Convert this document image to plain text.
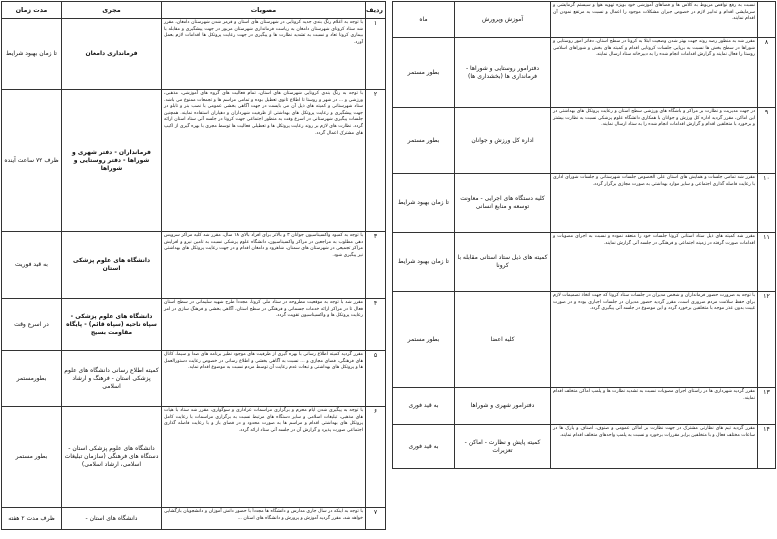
ردیف	مصوبات	مجری	مدت زمان
۱	با توجه به اعلام رنگ بندی جدید کرونایی در شهرستان های استان و قرمز شدن شهرستان دامغان، مقرر شد ستاد کرونای شهرستان دامغان به ریاست فرمانداری شهرستان مزبور در جهت پیشگیری و مقابله با بیماری کرونا تعاد و نسبت به تشدید نظارت ها و پیگیری در جهت رعایت پروتکل ها اقدامات لازم بعمل آورد.	فرمانداری دامغان	تا زمان بهبود شرایط
۲	با توجه به رنگ بندی کرونایی شهرستان های استان، تمام فعالیت های گروه های آموزشی، مذهبی، ورزشی و ... در شهر و روستا تا اطلاع ثانوی تعطیل بوده و تمامی مراسم ها و تجمعات ممنوع می باشد. ستاد شهرستانی و کمیته های ذیل آن می بایست در جهت آگاهی بخشی عمومی با نصب بنر و تابلو در جهت پیشگیری و رعایت پروتکل های بهداشتی از ظرفیت شهرداران و دهیاران استفاده نمایند. همچنین جلسات پیگیری شهرستانی در اسرع وقت به منظور اجتماعی جهت کرونا در جلسه آتی ستاد استان ارائه گردد. نظارت های لازم بر روند رعایت پروتکل ها و تعطیلی فعالیت ها توسط مجری با بهره گیری از اکیپ های مشترک اعمال گردد.	فرمانداران - دفتر شهری و شوراها - دفتر روستایی و شوراها	ظرف ۷۲ ساعت آینده
۳	با توجه به کمبود واکسیناسیون جوانان ۳ و بالاتر برای افراد بالای ۱۸ سال، مقرر شد کلیه مراکز سرویس دهی مطلوب به مراجعین در مراکز واکسیناسیون، دانشگاه علوم پزشکی نسبت به تامین نیرو و افزایش مراکز تجمیعی در شهرستان های سمنان، شاهرود و دامغان اقدام و در جهت رعایت پروتکل های بهداشتی نیز پیگیری شود.	دانشگاه های علوم پزشکی استان	به قید فوریت
۴	مقرر شد با توجه به موقعیت مطروحه در ستاد ملی کرونا، مجدداً طرح شهید سلیمانی در سطح استان فعال تا در مراکز ارائه خدمات جسمانی و فرهنگی در سطح استان، آگاهی بخشی و فرهنگ سازی در امر رعایت پروتکل ها و واکسیناسیون تقویت گردد.	دانشگاه های علوم پزشکی - سپاه ناحیه (سپاه قائم) - پایگاه مقاومت بسیج	در اسرع وقت
۵	مقرر گردید کمیته اطلاع رسانی با بهره گیری از ظرفیت های موجود نظیر برنامه های صدا و سیما، کانال های فرهنگی، فضای مجازی و ... نسبت به آگاهی بخشی و اطلاع رسانی در خصوص رعایت دستورالعمل ها و پروتکل های بهداشتی و تبعات عدم رعایت آن توسط مردم نسبت به موضوع اقدام نماید.	کمیته اطلاع رسانی دانشگاه های علوم پزشکی استان - فرهنگ و ارشاد اسلامی	بطورمستمر
۶	با توجه به پیگیری شدن ایام محرم و برگزاری مراسمات عزاداری و سوگواری، مقرر شد ستاد با هیات های مذهبی، تبلیغات اسلامی و سایر دستگاه های مرتبط نسبت به برگزاری مراسمات با رعایت کامل پروتکل های بهداشتی اقدام و مراسم ها به صورت محدود و در فضای باز و با رعایت فاصله گذاری اجتماعی صورت پذیرد و گزارش آن در جلسه آتی ستاد ارائه گردد.	دانشگاه های علوم پزشکی استان - دستگاه های فرهنگی (سازمان تبلیغات اسلامی، ارشاد اسلامی)	بطور مستمر
۷	با توجه به اینکه در سال جاری مدارس و دانشگاه ها مجدداً با حضور دانش آموزان و دانشجویان بازگشایی خواهد شد، مقرر گردید آموزش و پرورش و دانشگاه های استان ...	دانشگاه های استان -	ظرف مدت ۲ هفته
	نسبت به رفع نواقص مربوط به کلاس ها و فضاهای آموزشی خود بویژه تهویه هوا و سیستم گرمایشی و سرمایشی اقدام و تدابیر لازم در خصوص جبران مشکلات موجود را اعمال و نسبت به مرتفع نمودن آن اقدام نمایند.	آموزش وپرورش	ماه
۸	مقرر شد به منظور رصد روند جهت بهتر شدن وضعیت ابتلا به کرونا در سطح استان، دفاتر امور روستایی و شوراها در سطح بخش ها نسبت به برپایی جلسات کرونایی اقدام و کمیته های بخش و شوراهای اسلامی روستا را فعال نمایند و گزارش اقدامات انجام شده را به دبیرخانه ستاد ارسال نمایند.	دفترامور روستایی و شوراها - فرمانداری ها (بخشداری ها)	بطور مستمر
۹	در جهت مدیریت و نظارت بر مراکز و باشگاه های ورزشی سطح استان و رعایت پروتکل های بهداشتی در این اماکن، مقرر گردید اداره کل ورزش و جوانان با همکاری دانشگاه علوم پزشکی نسبت به نظارت بیشتر و برخورد با متخلفین اقدام و گزارش اقدامات انجام شده را به ستاد ارسال نمایند.	اداره کل ورزش و جوانان	بطور مستمر
۱۰	مقرر شد تمامی جلسات و همایش های استان علی الخصوص جلسات شهرستانی و جلسات شورای اداری با رعایت فاصله گذاری اجتماعی و سایر موارد بهداشتی به صورت مجازی برگزار گردد.	کلیه دستگاه های اجرایی - معاونت توسعه و منابع انسانی	تا زمان بهبود شرایط
۱۱	مقرر شد کمیته های ذیل ستاد استانی کرونا جلسات خود را منعقد نموده و نسبت به اجرای مصوبات و اقدامات صورت گرفته در زمینه اجتماعی و فرهنگی در جلسه آتی گزارش نمایند.	کمیته های ذیل ستاد استانی مقابله با کرونا	تا زمان بهبود شرایط
۱۲	با توجه به ضرورت حضور فرمانداران و شخص مدیران در جلسات ستاد کرونا که جهت اتخاذ تصمیمات لازم برای حفظ سلامت مردم ضروری است، مقرر گردید حضور مدیران در جلسات اجباری بوده و در صورت غیبت بدون عذر موجه با متخلفین برخورد گردد و این موضوع در جلسه آتی پیگیری گردد.	کلیه اعضا	بطور مستمر
۱۳	مقرر گردید شهرداری ها در راستای اجرای مصوبات نسبت به تشدید نظارت ها و پلمپ اماکن متخلف اقدام نمایند.	دفترامور شهری و شوراها	به قید فوری
۱۴	مقرر گردید تیم های نظارتی مشترک در جهت نظارت بر اماکن عمومی و صنوف، اصناف و پارک ها در ساعات مختلف فعال و با متخلفین برابر مقررات برخورد و نسبت به پلمپ واحدهای متخلف اقدام نمایند.	کمیته پایش و نظارت - اماکن - تعزیرات	به قید فوری
